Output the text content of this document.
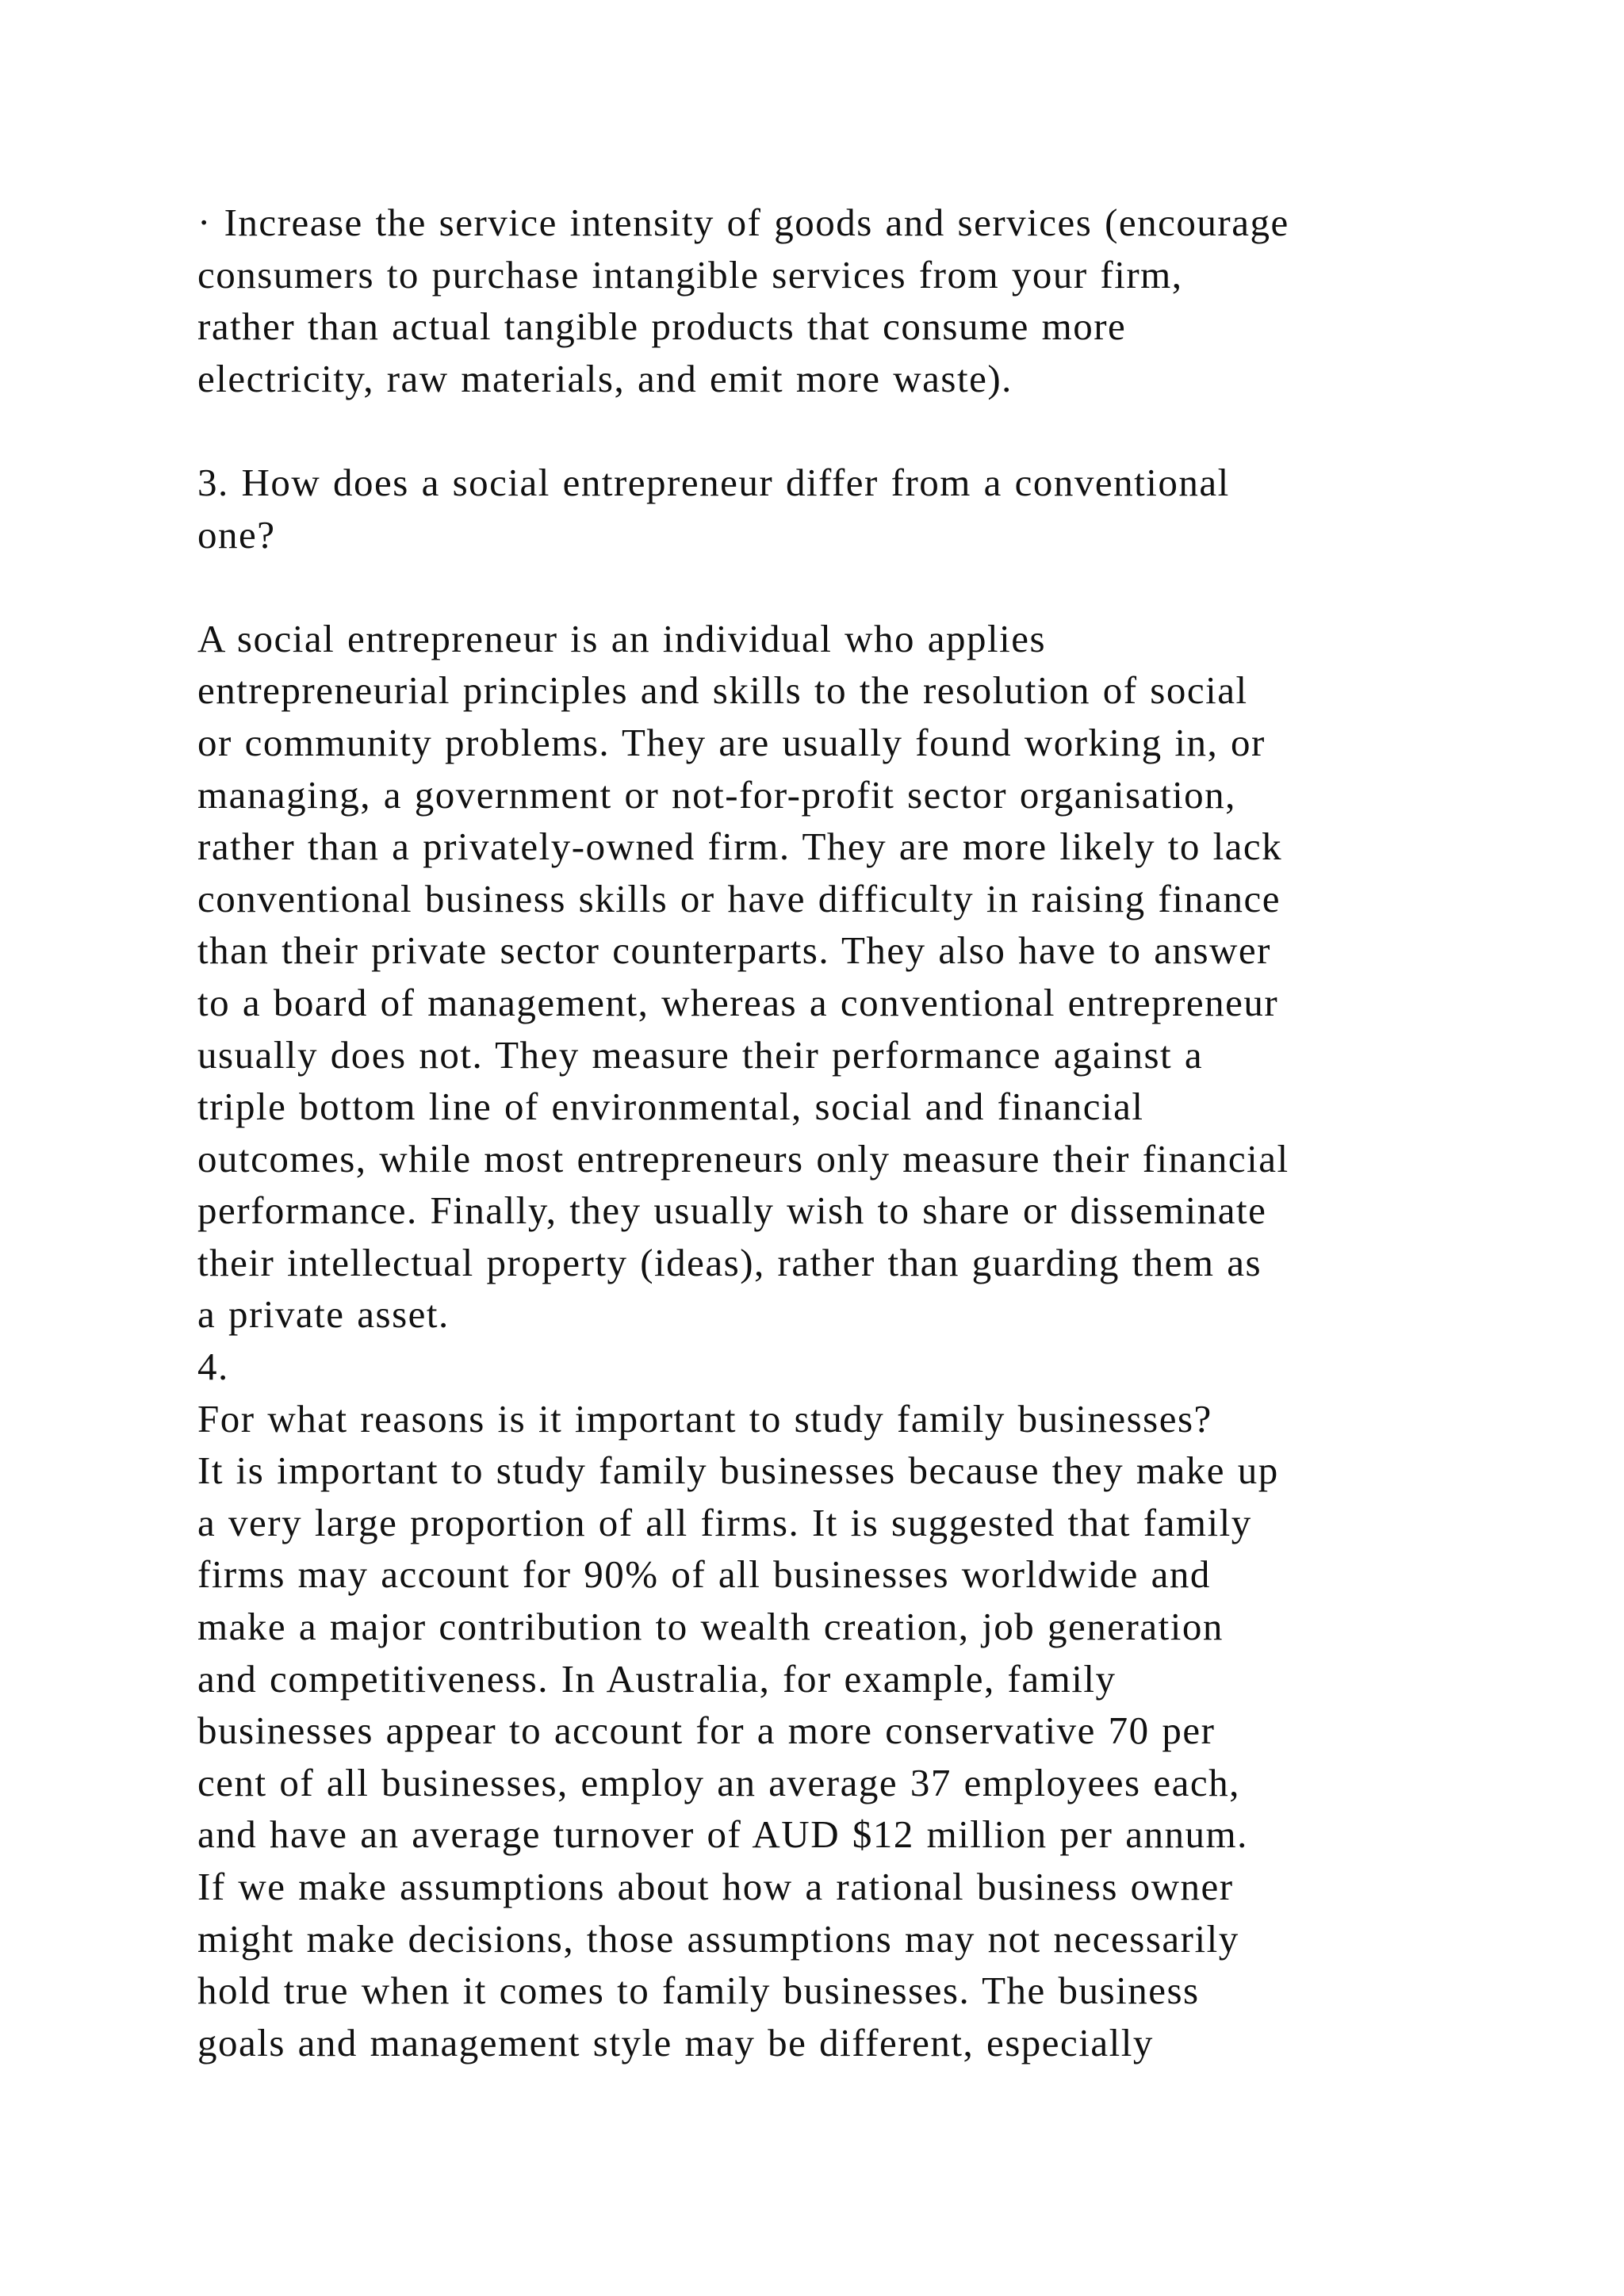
· Increase the service intensity of goods and services (encourage
consumers to purchase intangible services from your firm,
rather than actual tangible products that consume more
electricity, raw materials, and emit more waste).
3. How does a social entrepreneur differ from a conventional
one?
A social entrepreneur is an individual who applies
entrepreneurial principles and skills to the resolution of social
or community problems. They are usually found working in, or
managing, a government or not-for-profit sector organisation,
rather than a privately-owned firm. They are more likely to lack
conventional business skills or have difficulty in raising finance
than their private sector counterparts. They also have to answer
to a board of management, whereas a conventional entrepreneur
usually does not. They measure their performance against a
triple bottom line of environmental, social and financial
outcomes, while most entrepreneurs only measure their financial
performance. Finally, they usually wish to share or disseminate
their intellectual property (ideas), rather than guarding them as
a private asset.
4.
For what reasons is it important to study family businesses?
It is important to study family businesses because they make up
a very large proportion of all firms. It is suggested that family
firms may account for 90% of all businesses worldwide and
make a major contribution to wealth creation, job generation
and competitiveness. In Australia, for example, family
businesses appear to account for a more conservative 70 per
cent of all businesses, employ an average 37 employees each,
and have an average turnover of AUD $12 million per annum.
If we make assumptions about how a rational business owner
might make decisions, those assumptions may not necessarily
hold true when it comes to family businesses. The business
goals and management style may be different, especially
